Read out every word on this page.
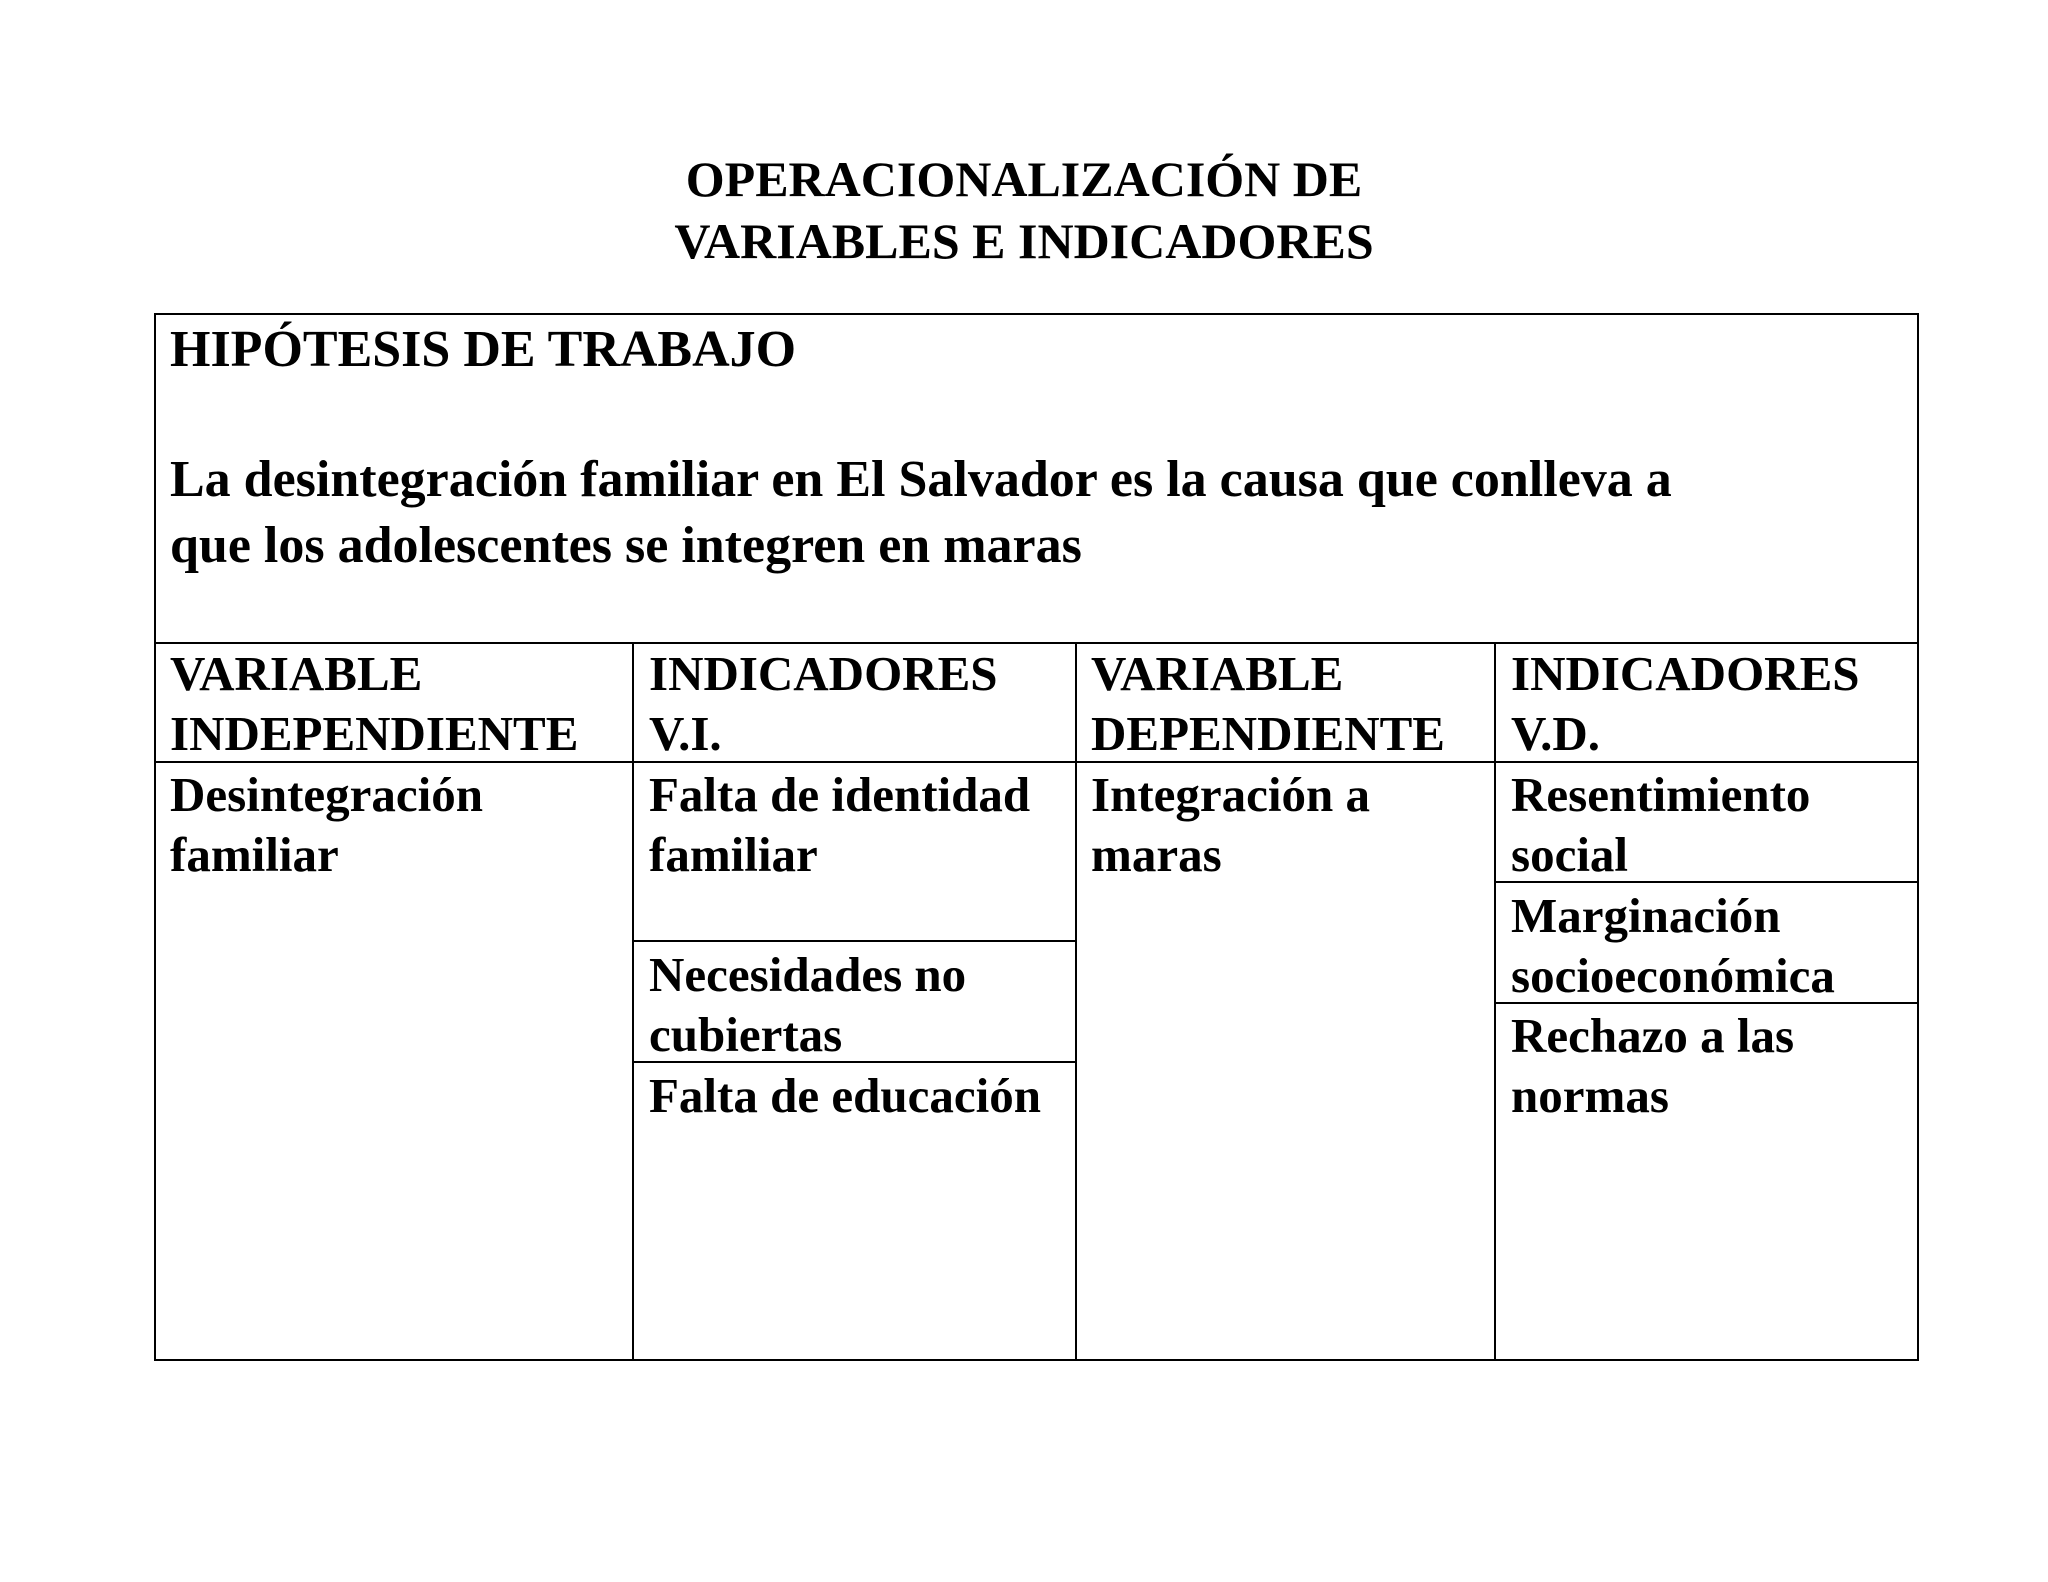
OPERACIONALIZACIÓN DE
VARIABLES E INDICADORES
HIPÓTESIS DE TRABAJO
La desintegración familiar en El Salvador es la causa que conlleva a
que los adolescentes se integren en maras
VARIABLE
INDEPENDIENTE
INDICADORES
V.I.
VARIABLE
DEPENDIENTE
INDICADORES
V.D.
Desintegración
familiar
Falta de identidad
familiar
Necesidades no
cubiertas
Falta de educación
Integración a
maras
Resentimiento
social
Marginación
socioeconómica
Rechazo a las
normas
